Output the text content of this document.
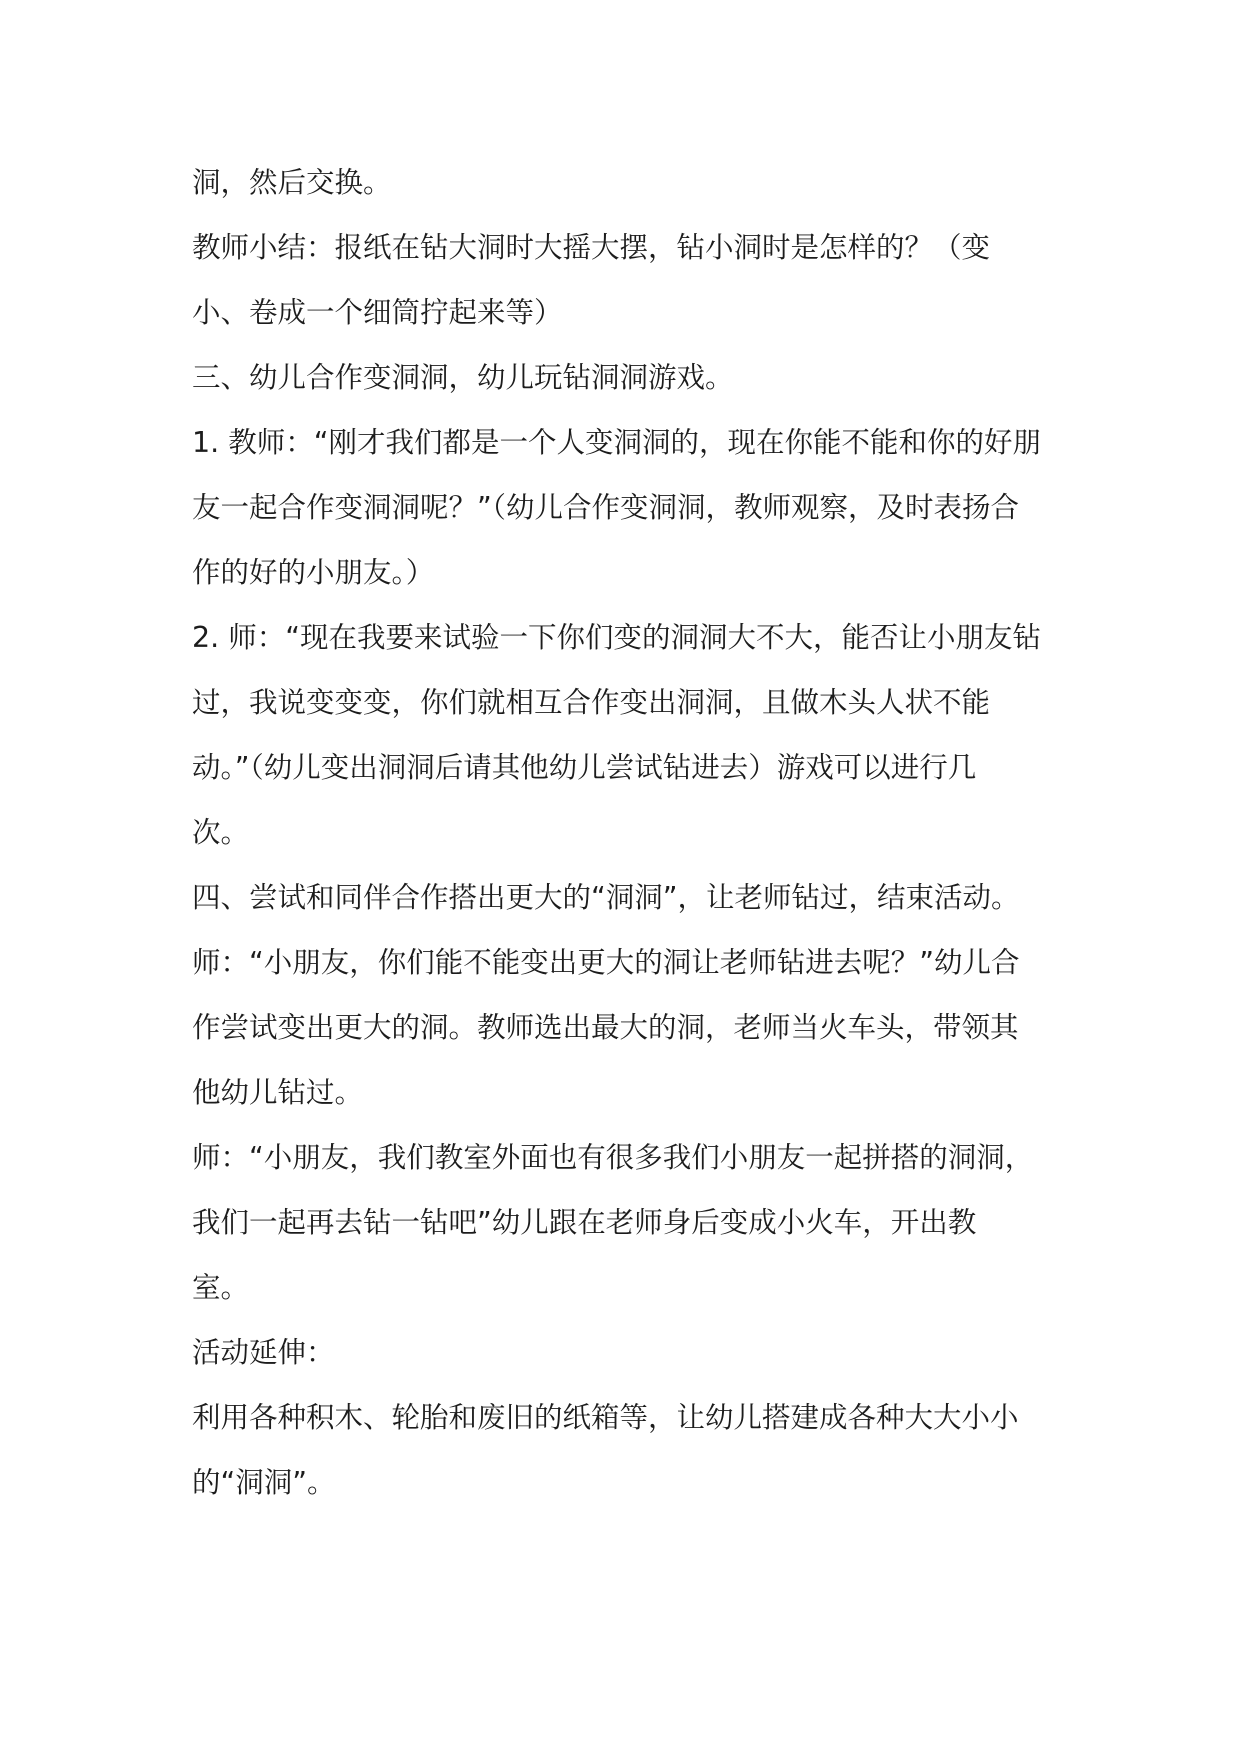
洞，然后交换。
教师小结：报纸在钻大洞时大摇大摆，钻小洞时是怎样的？（变
小、卷成一个细筒拧起来等）
三、幼儿合作变洞洞，幼儿玩钻洞洞游戏。
1. 教师：“刚才我们都是一个人变洞洞的，现在你能不能和你的好朋
友一起合作变洞洞呢？”（幼儿合作变洞洞，教师观察，及时表扬合
作的好的小朋友。）
2. 师：“现在我要来试验一下你们变的洞洞大不大，能否让小朋友钻
过，我说变变变，你们就相互合作变出洞洞，且做木头人状不能
动。”（幼儿变出洞洞后请其他幼儿尝试钻进去）游戏可以进行几
次。
四、尝试和同伴合作搭出更大的“洞洞”，让老师钻过，结束活动。
师：“小朋友，你们能不能变出更大的洞让老师钻进去呢？”幼儿合
作尝试变出更大的洞。教师选出最大的洞，老师当火车头，带领其
他幼儿钻过。
师：“小朋友，我们教室外面也有很多我们小朋友一起拼搭的洞洞，
我们一起再去钻一钻吧”幼儿跟在老师身后变成小火车，开出教
室。
活动延伸：
利用各种积木、轮胎和废旧的纸箱等，让幼儿搭建成各种大大小小
的“洞洞”。
